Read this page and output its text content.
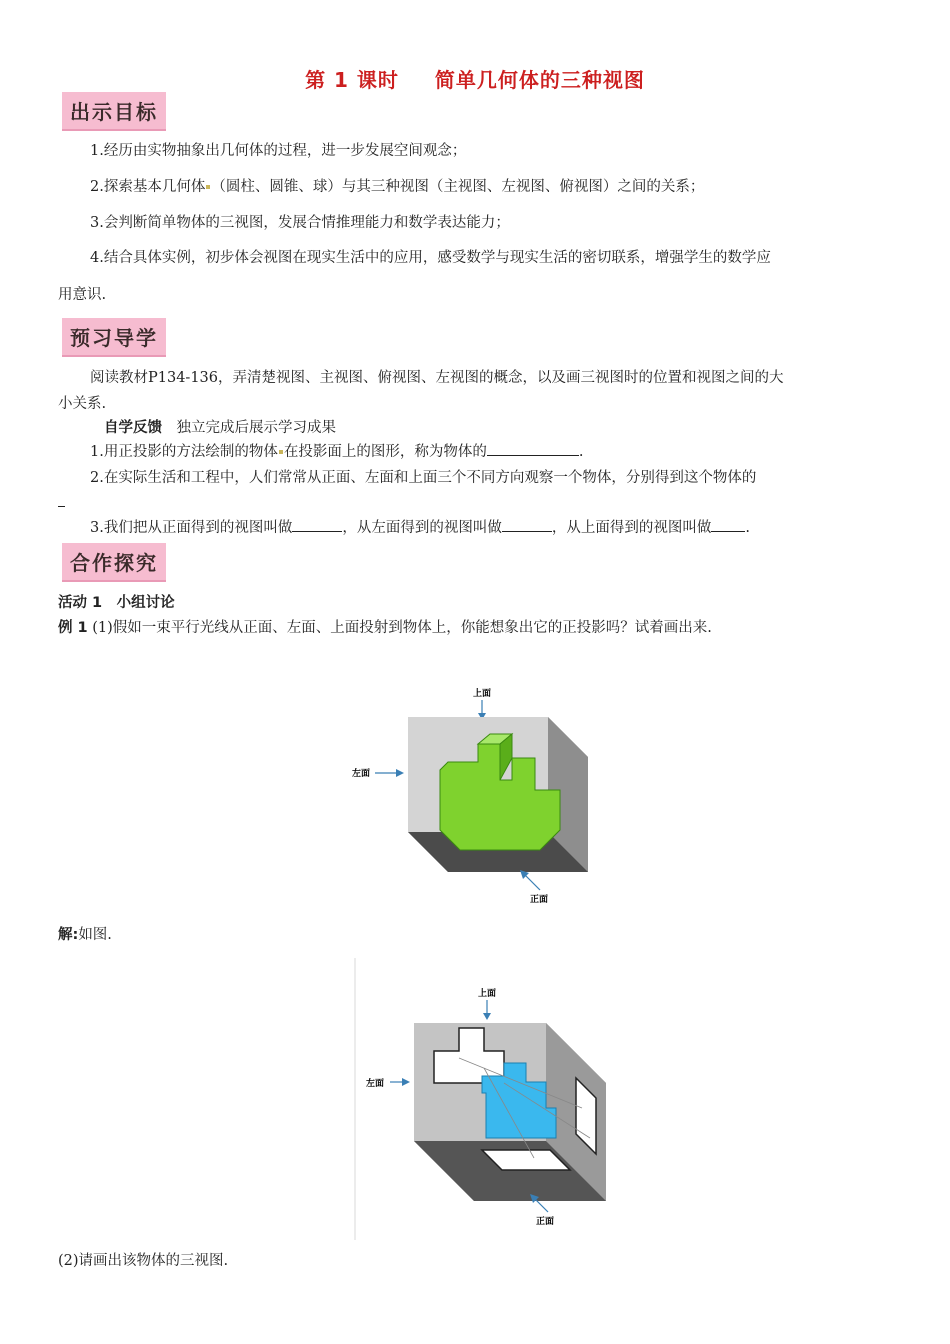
第 1 课时 简单几何体的三种视图
出示目标
1.经历由实物抽象出几何体的过程，进一步发展空间观念；
2.探索基本几何体 （圆柱、圆锥、球）与其三种视图（主视图、左视图、俯视图）之间的关系；
3.会判断简单物体的三视图，发展合情推理能力和数学表达能力；
4.结合具体实例，初步体会视图在现实生活中的应用，感受数学与现实生活的密切联系，增强学生的数学应
用意识.
预习导学
阅读教材P134-136，弄清楚视图、主视图、俯视图、左视图的概念，以及画三视图时的位置和视图之间的大
小关系.
自学反馈　 独立完成后展示学习成果
1.用正投影的方法绘制的物体 在投影面上的图形，称为物体的	.
2.在实际生活和工程中，人们常常从正面、左面和上面三个不同方向观察一个物体，分别得到这个物体的
3.我们把从正面得到的视图叫做	，从左面得到的视图叫做	，从上面得到的视图叫做 .
合作探究
活动 1　小组讨论
例 1 (1)假如一束平行光线从正面、左面、上面投射到物体上，你能想象出它的正投影吗？试着画出来.
上面
左面
正面
解:如图.
上面
左面
正面
(2)请画出该物体的三视图.
